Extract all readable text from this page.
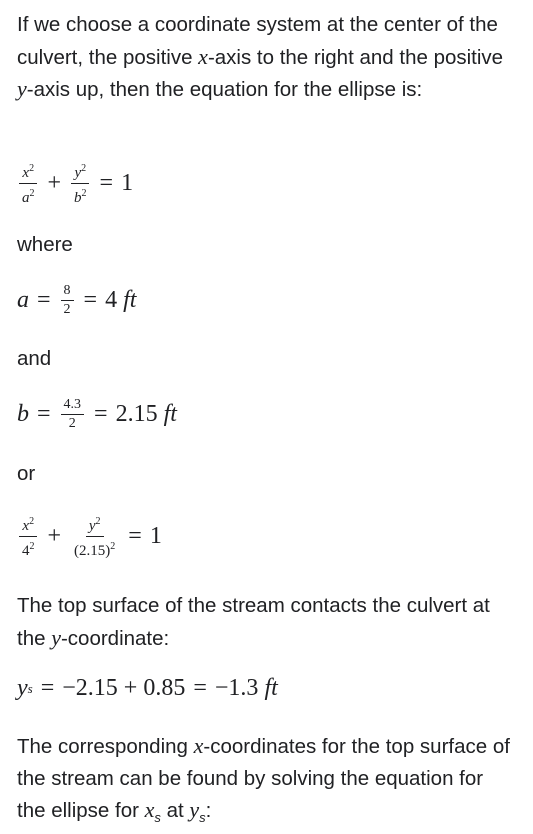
If we choose a coordinate system at the center of the culvert, the positive x-axis to the right and the positive y-axis up, then the equation for the ellipse is:

$\frac{x^2}{a^2} + \frac{y^2}{b^2} = 1$

where

$a = \frac{8}{2} = 4$
ft

and

$b = \frac{4.3}{2} = 2.15$
ft

or

$\frac{x^2}{4^2} + \frac{y^2}{(2.15)^2} = 1$

The top surface of the stream contacts the culvert at the y-coordinate:

y s = −2.15 + 0.85 = −1.3
ft

The corresponding x-coordinates for the top surface of the stream can be found by solving the equation for the ellipse for $x_s$ at $y_s$:
